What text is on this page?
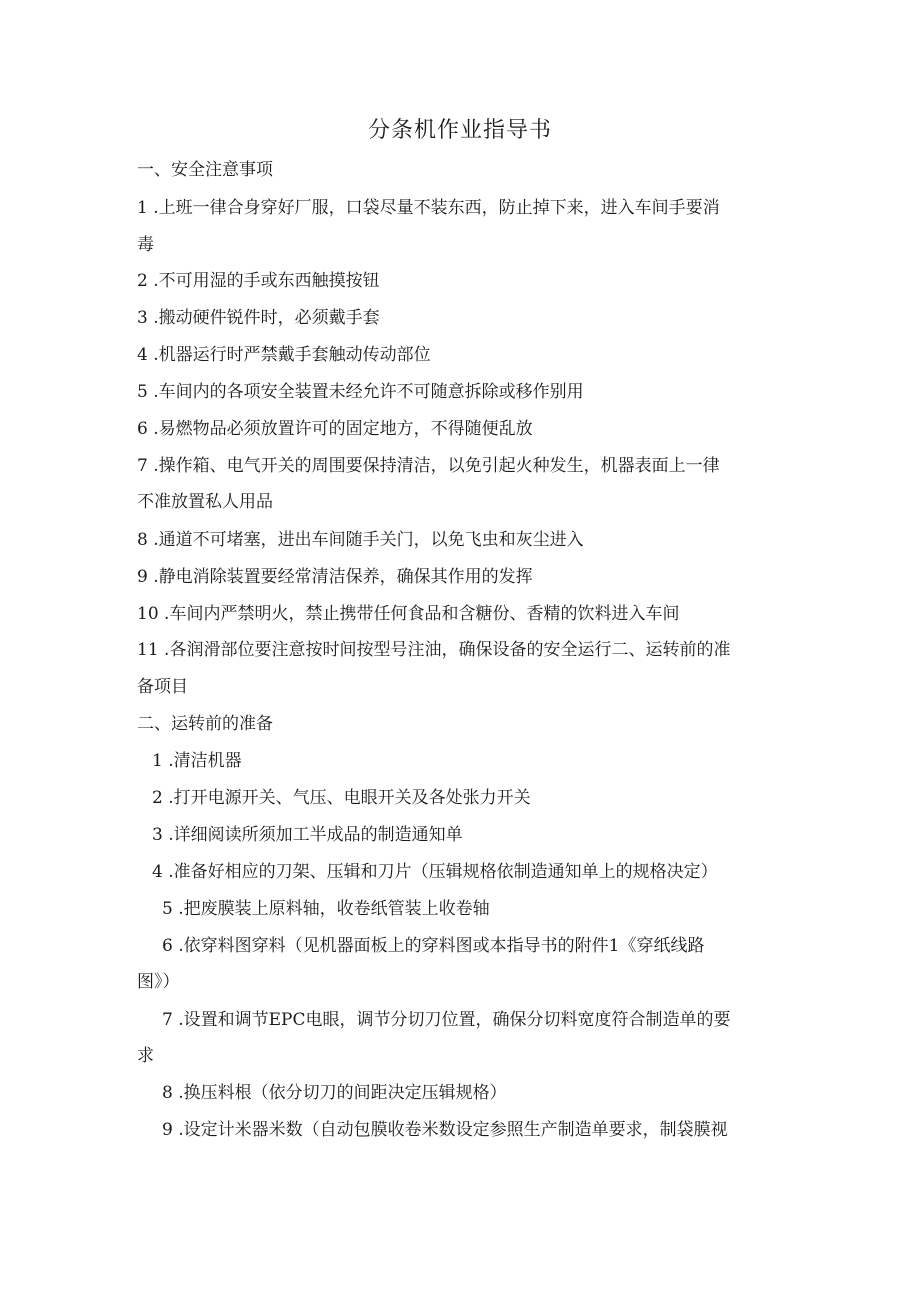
分条机作业指导书
一、安全注意事项
1 .上班一律合身穿好厂服，口袋尽量不装东西，防止掉下来，进入车间手要消
毒
2 .不可用湿的手或东西触摸按钮
3 .搬动硬件锐件时，必须戴手套
4 .机器运行时严禁戴手套触动传动部位
5 .车间内的各项安全装置未经允许不可随意拆除或移作别用
6 .易燃物品必须放置许可的固定地方，不得随便乱放
7 .操作箱、电气开关的周围要保持清洁，以免引起火种发生，机器表面上一律
不准放置私人用品
8 .通道不可堵塞，进出车间随手关门，以免飞虫和灰尘进入
9 .静电消除装置要经常清洁保养，确保其作用的发挥
10 .车间内严禁明火，禁止携带任何食品和含糖份、香精的饮料进入车间
11 .各润滑部位要注意按时间按型号注油，确保设备的安全运行二、运转前的准
备项目
二、运转前的准备
1 .清洁机器
2 .打开电源开关、气压、电眼开关及各处张力开关
3 .详细阅读所须加工半成品的制造通知单
4 .准备好相应的刀架、压辑和刀片（压辑规格依制造通知单上的规格决定）
5 .把废膜装上原料轴，收卷纸管装上收卷轴
6 .依穿料图穿料（见机器面板上的穿料图或本指导书的附件1《穿纸线路
图》）
7 .设置和调节EPC电眼，调节分切刀位置，确保分切料宽度符合制造单的要
求
8 .换压料根（依分切刀的间距决定压辑规格）
9 .设定计米器米数（自动包膜收卷米数设定参照生产制造单要求，制袋膜视
